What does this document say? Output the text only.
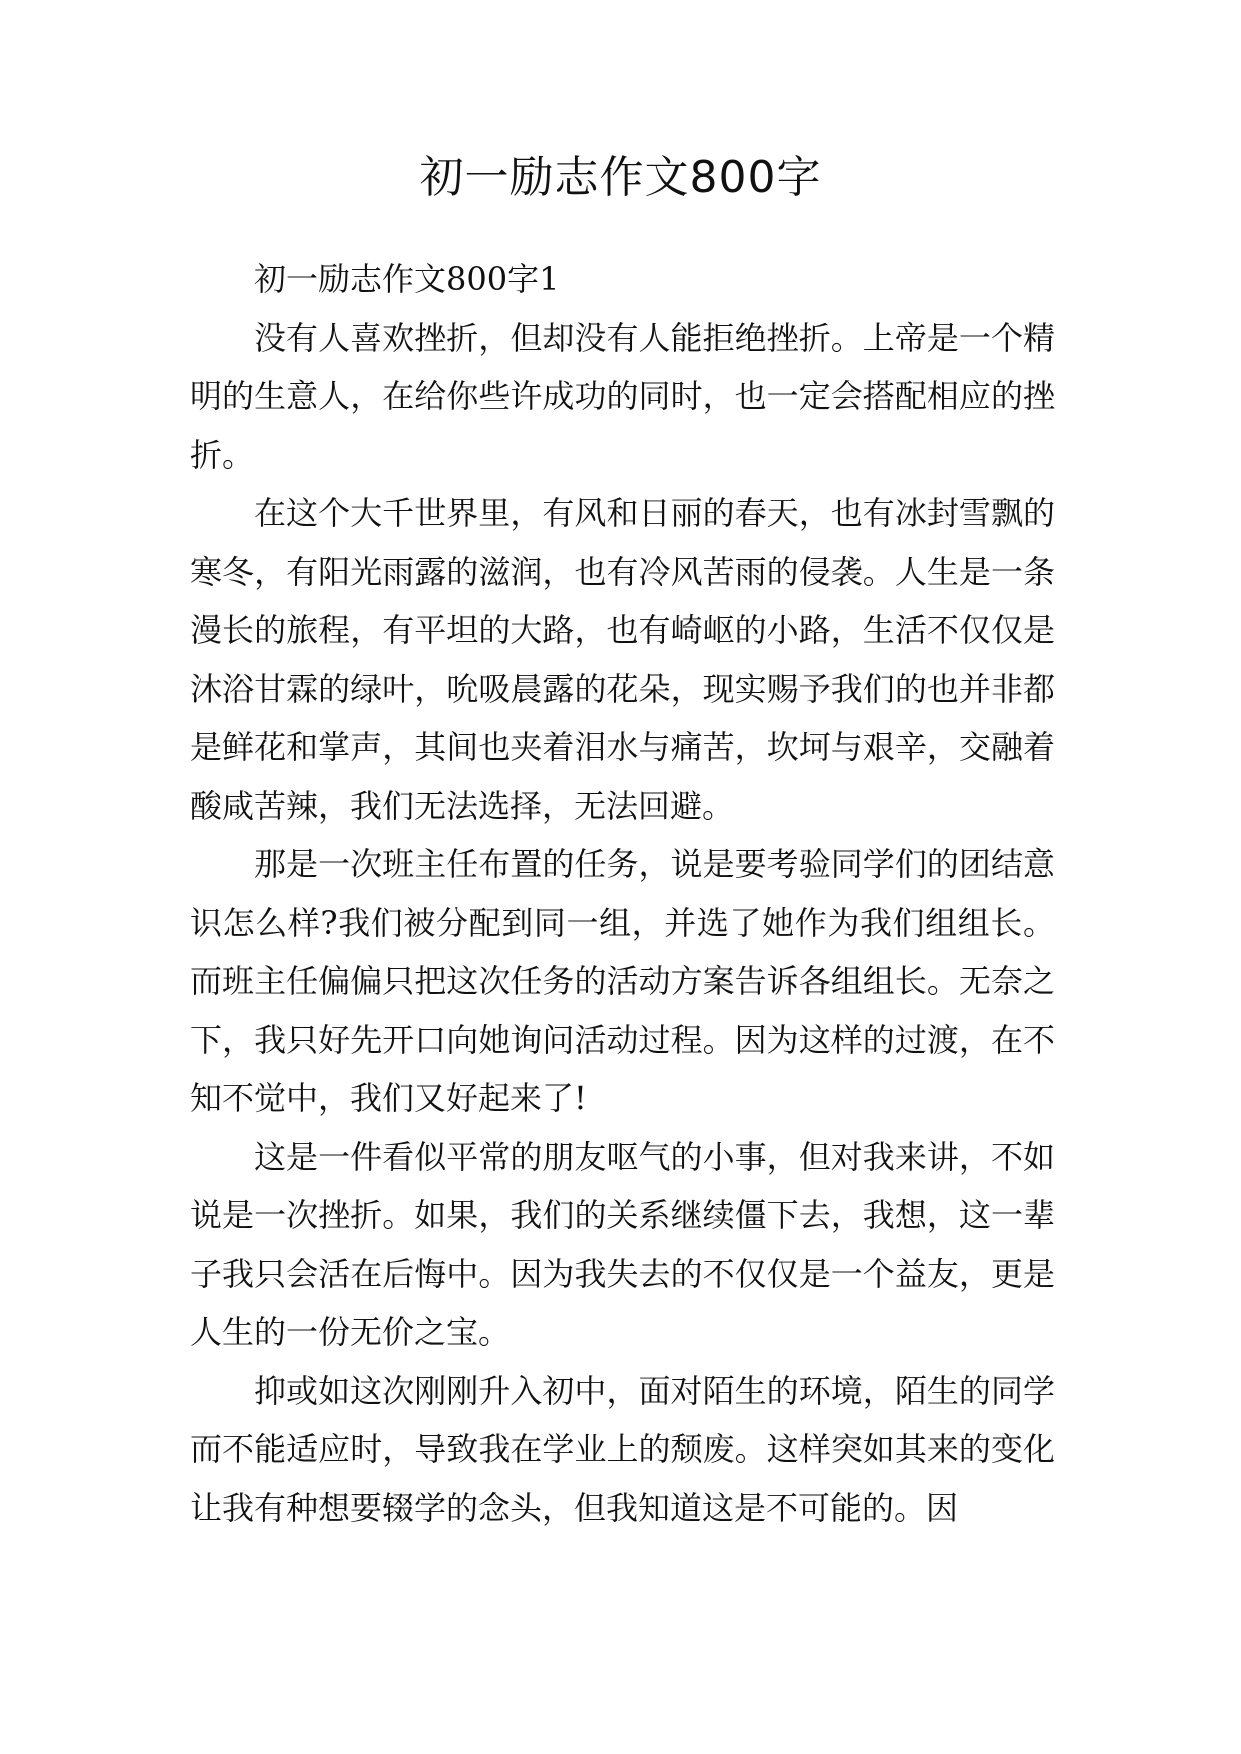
初一励志作文800字

初一励志作文800字1

没有人喜欢挫折，但却没有人能拒绝挫折。上帝是一个精明的生意人，在给你些许成功的同时，也一定会搭配相应的挫折。

在这个大千世界里，有风和日丽的春天，也有冰封雪飘的寒冬，有阳光雨露的滋润，也有冷风苦雨的侵袭。人生是一条漫长的旅程，有平坦的大路，也有崎岖的小路，生活不仅仅是沐浴甘霖的绿叶，吮吸晨露的花朵，现实赐予我们的也并非都是鲜花和掌声，其间也夹着泪水与痛苦，坎坷与艰辛，交融着酸咸苦辣，我们无法选择，无法回避。

那是一次班主任布置的任务，说是要考验同学们的团结意识怎么样?我们被分配到同一组，并选了她作为我们组组长。而班主任偏偏只把这次任务的活动方案告诉各组组长。无奈之下，我只好先开口向她询问活动过程。因为这样的过渡，在不知不觉中，我们又好起来了!

这是一件看似平常的朋友呕气的小事，但对我来讲，不如说是一次挫折。如果，我们的关系继续僵下去，我想，这一辈子我只会活在后悔中。因为我失去的不仅仅是一个益友，更是人生的一份无价之宝。

抑或如这次刚刚升入初中，面对陌生的环境，陌生的同学而不能适应时，导致我在学业上的颓废。这样突如其来的变化让我有种想要辍学的念头，但我知道这是不可能的。因
